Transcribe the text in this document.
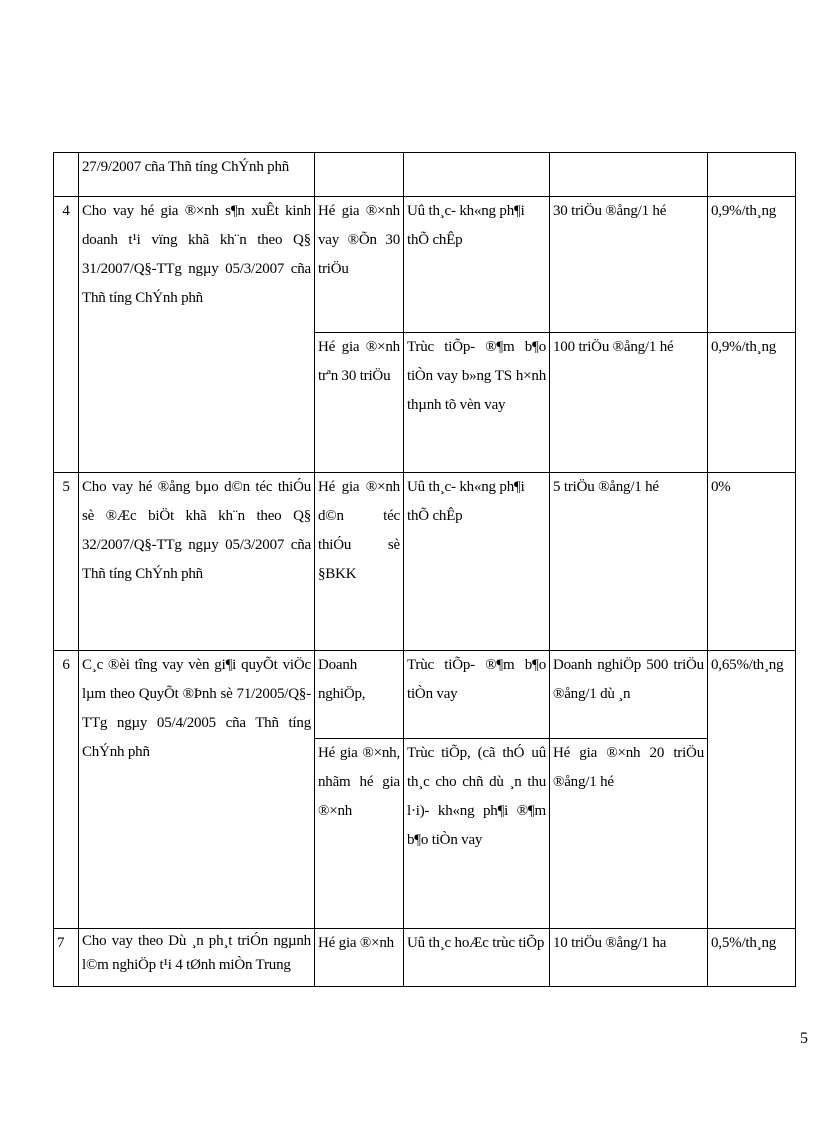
	27/9/2007 cña Thñ tíng ChÝnh phñ				
4	Cho vay hé gia ®×nh s¶n xuÊt kinh doanh t¹i vïng khã kh¨n theo Q§ 31/2007/Q§-TTg ngµy 05/3/2007 cña Thñ tíng ChÝnh phñ	Hé gia ®×nh vay ®Õn 30 triÖu	Uû th¸c- kh«ng ph¶i thÕ chÊp	30 triÖu ®ång/1 hé	0,9%/th¸ng
		Hé gia ®×nh trªn 30 triÖu	Trùc tiÕp- ®¶m b¶o tiÒn vay b»ng TS h×nh thµnh tõ vèn vay	100 triÖu ®ång/1 hé	0,9%/th¸ng
5	Cho vay hé ®ång bµo d©n téc thiÓu sè ®Æc biÖt khã kh¨n theo Q§ 32/2007/Q§-TTg ngµy 05/3/2007 cña Thñ tíng ChÝnh phñ	Hé gia ®×nh d©n téc thiÓu sè §BKK	Uû th¸c- kh«ng ph¶i thÕ chÊp	5 triÖu ®ång/1 hé	0%
6	C¸c ®èi tîng vay vèn gi¶i quyÕt viÖc lµm theo QuyÕt ®Þnh sè 71/2005/Q§-TTg ngµy 05/4/2005 cña Thñ tíng ChÝnh phñ	Doanh nghiÖp,	Trùc tiÕp- ®¶m b¶o tiÒn vay	Doanh nghiÖp 500 triÖu ®ång/1 dù ¸n	0,65%/th¸ng
		Hé gia ®×nh, nhãm hé gia ®×nh	Trùc tiÕp, (cã thÓ uû th¸c cho chñ dù ¸n thu l·i)- kh«ng ph¶i ®¶m b¶o tiÒn vay	Hé gia ®×nh 20 triÖu ®ång/1 hé	
7	Cho vay theo Dù ¸n ph¸t triÓn ngµnh l©m nghiÖp t¹i 4 tØnh miÒn Trung	Hé gia ®×nh	Uû th¸c hoÆc trùc tiÕp	10 triÖu ®ång/1 ha	0,5%/th¸ng
5
